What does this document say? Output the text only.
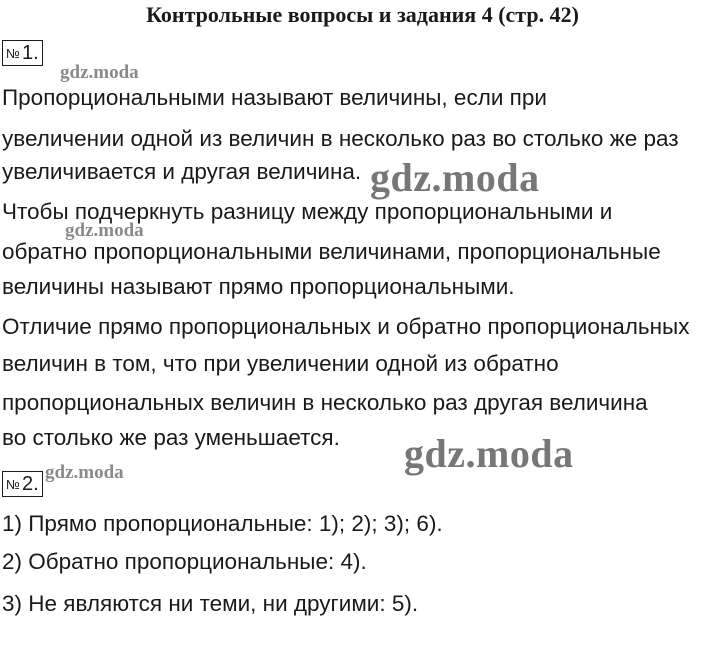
Контрольные вопросы и задания 4 (стр. 42)
№ 1.
Пропорциональными называют величины, если при
увеличении одной из величин в несколько раз во столько же раз
увеличивается и другая величина.
Чтобы подчеркнуть разницу между пропорциональными и
обратно пропорциональными величинами, пропорциональные
величины называют прямо пропорциональными.
Отличие прямо пропорциональных и обратно пропорциональных
величин в том, что при увеличении одной из обратно
пропорциональных величин в несколько раз другая величина
во столько же раз уменьшается.
№ 2.
1) Прямо пропорциональные: 1); 2); 3); 6).
2) Обратно пропорциональные: 4).
3) Не являются ни теми, ни другими: 5).
gdz.moda
gdz.moda
gdz.moda
gdz.moda
gdz.moda
